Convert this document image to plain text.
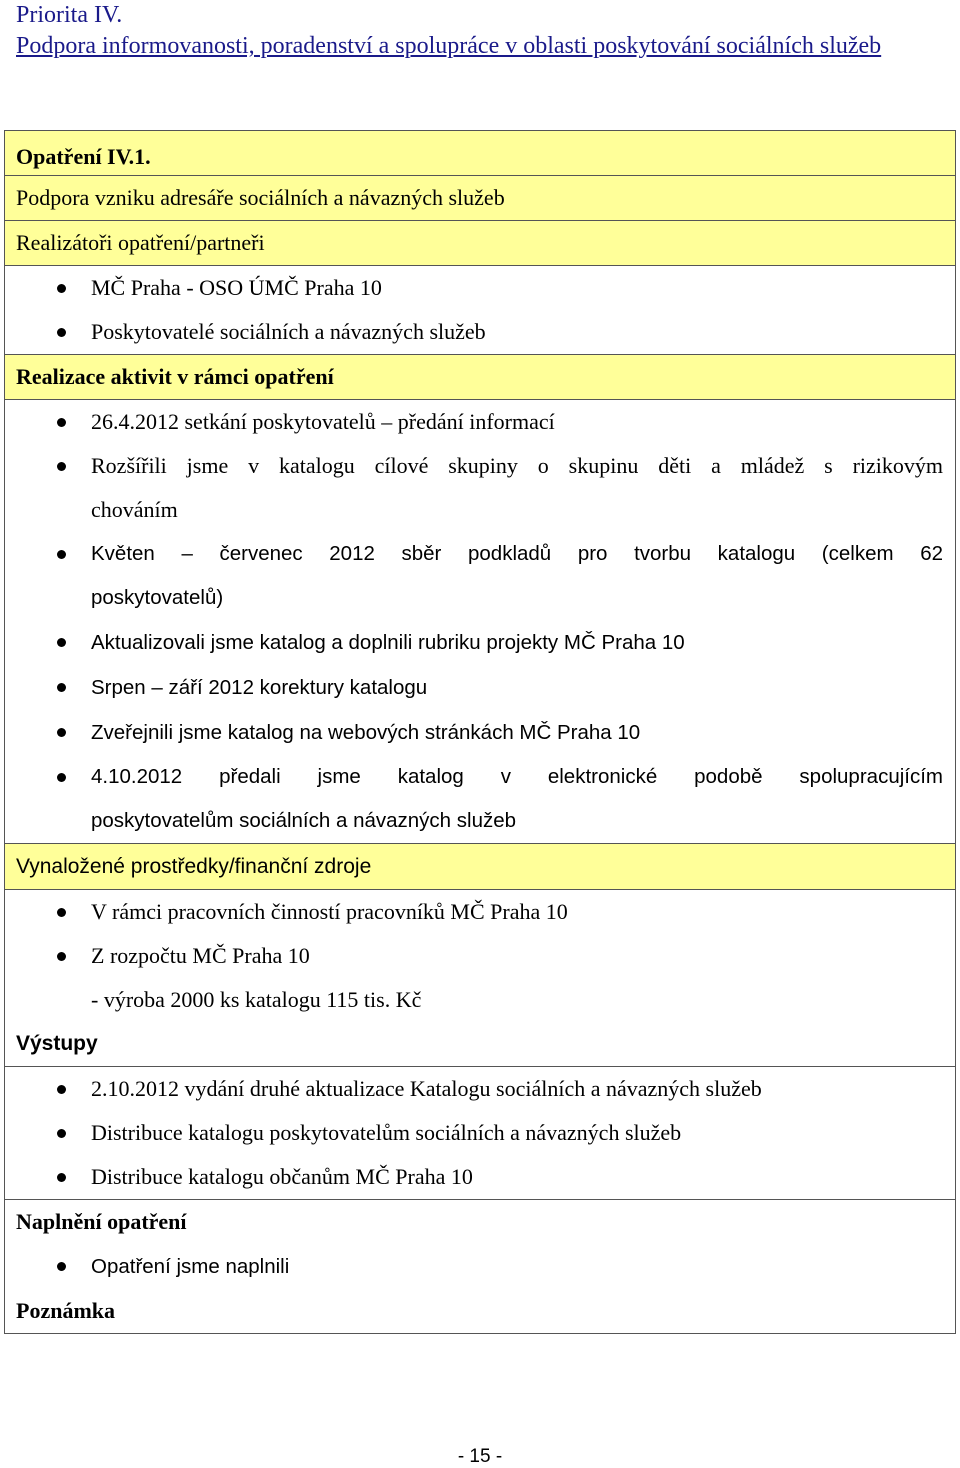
Priorita IV.

Podpora informovanosti, poradenství a spolupráce v oblasti poskytování sociálních služeb

Opatření IV.1.
Podpora vzniku adresáře sociálních a návazných služeb
Realizátoři opatření/partneři

MČ Praha - OSO ÚMČ Praha 10
Poskytovatelé sociálních a návazných služeb

Realizace aktivit v rámci opatření

26.4.2012 setkání poskytovatelů – předání informací
Rozšířili jsme v katalogu cílové skupiny o skupinu děti a mládež s rizikovým
chováním
Květen – červenec 2012 sběr podkladů pro tvorbu katalogu (celkem 62
poskytovatelů)
Aktualizovali jsme katalog a doplnili rubriku projekty MČ Praha 10
Srpen – září 2012 korektury katalogu
Zveřejnili jsme katalog na webových stránkách MČ Praha 10
4.10.2012 předali jsme katalog v elektronické podobě spolupracujícím
poskytovatelům sociálních a návazných služeb

Vynaložené prostředky/finanční zdroje

V rámci pracovních činností pracovníků MČ Praha 10
Z rozpočtu MČ Praha 10
- výroba 2000 ks katalogu 115 tis. Kč
Výstupy

2.10.2012 vydání druhé aktualizace Katalogu sociálních a návazných služeb
Distribuce katalogu poskytovatelům sociálních a návazných služeb
Distribuce katalogu občanům MČ Praha 10

Naplnění opatření
Opatření jsme naplnili
Poznámka
- 15 -
